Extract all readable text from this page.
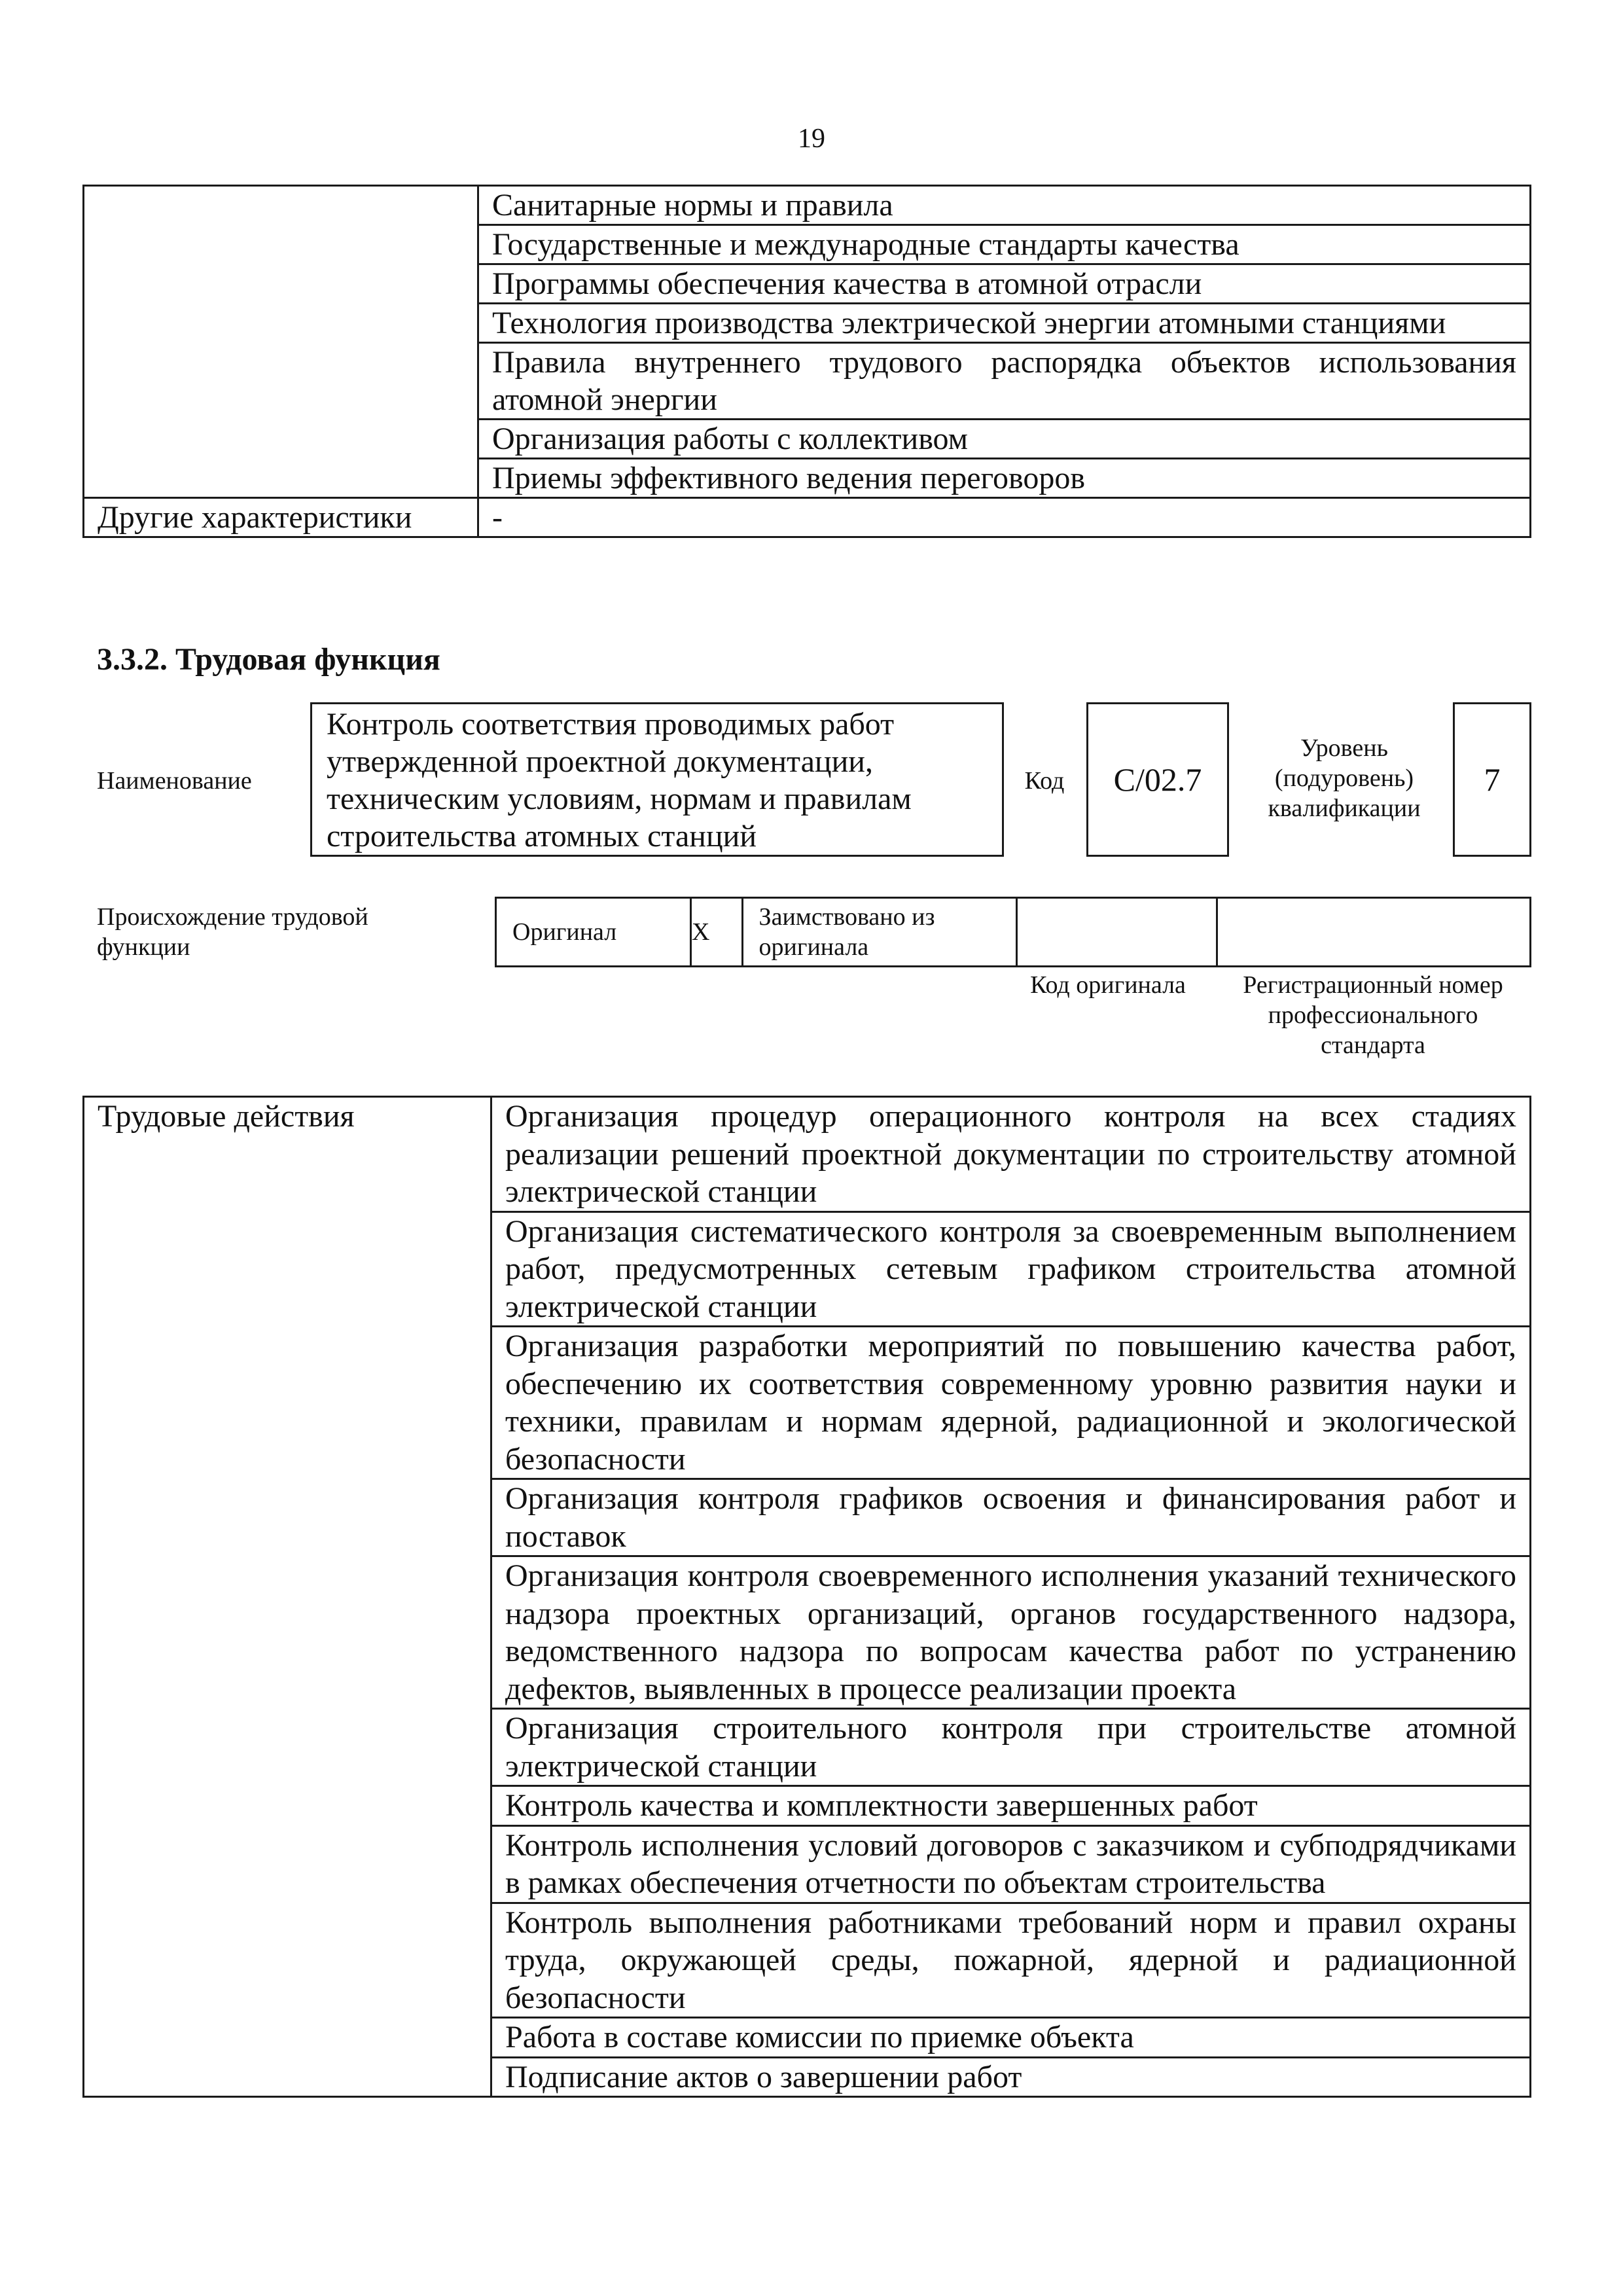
19
	Санитарные нормы и правила
	Государственные и международные стандарты качества
	Программы обеспечения качества в атомной отрасли
	Технология производства электрической энергии атомными станциями
	Правила внутреннего трудового распорядка объектов использования атомной энергии
	Организация работы с коллективом
	Приемы эффективного ведения переговоров
Другие характеристики	-
3.3.2. Трудовая функция
Наименование
Контроль соответствия проводимых работ утвержденной проектной документации, техническим условиям, нормам и правилам строительства атомных станций
Код	C/02.7
Уровень (подуровень) квалификации
7
Происхождение трудовой функции
Оригинал	X	Заимствовано из оригинала		
Код оригинала	Регистрационный номер профессионального стандарта
Трудовые действия	Организация процедур операционного контроля на всех стадиях реализации решений проектной документации по строительству атомной электрической станции
Организация систематического контроля за своевременным выполнением работ, предусмотренных сетевым графиком строительства атомной электрической станции
Организация разработки мероприятий по повышению качества работ, обеспечению их соответствия современному уровню развития науки и техники, правилам и нормам ядерной, радиационной и экологической безопасности
Организация контроля графиков освоения и финансирования работ и поставок
Организация контроля своевременного исполнения указаний технического надзора проектных организаций, органов государственного надзора, ведомственного надзора по вопросам качества работ по устранению дефектов, выявленных в процессе реализации проекта
Организация строительного контроля при строительстве атомной электрической станции
Контроль качества и комплектности завершенных работ
Контроль исполнения условий договоров с заказчиком и субподрядчиками в рамках обеспечения отчетности по объектам строительства
Контроль выполнения работниками требований норм и правил охраны труда, окружающей среды, пожарной, ядерной и радиационной безопасности
Работа в составе комиссии по приемке объекта
Подписание актов о завершении работ
